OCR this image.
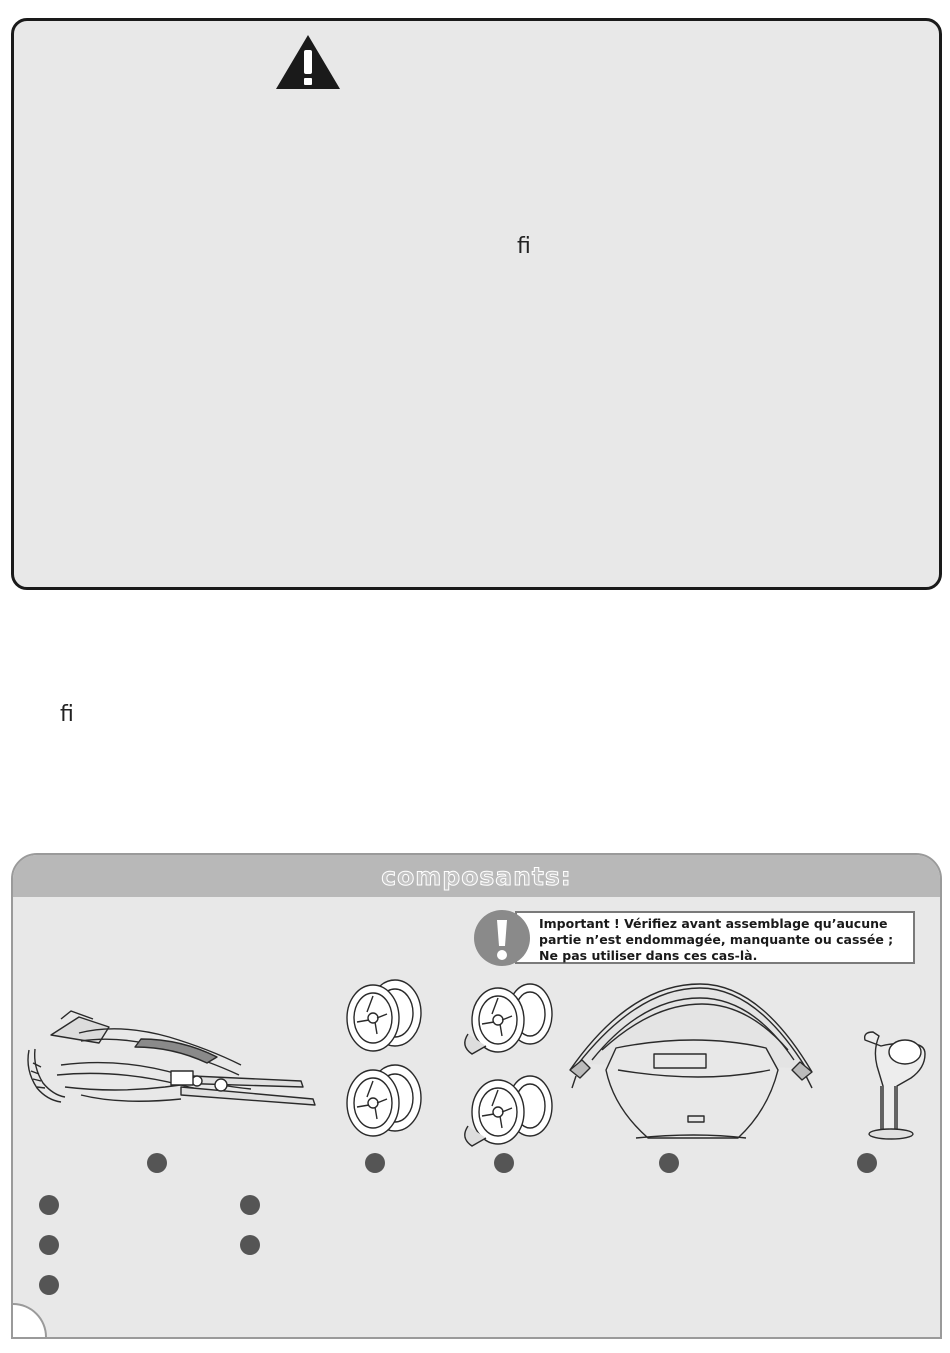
ﬁ
ﬁ
composants:
Important ! Vérifiez avant assemblage qu’aucune
partie n’est endommagée, manquante ou cassée ;
Ne pas utiliser dans ces cas-là.
